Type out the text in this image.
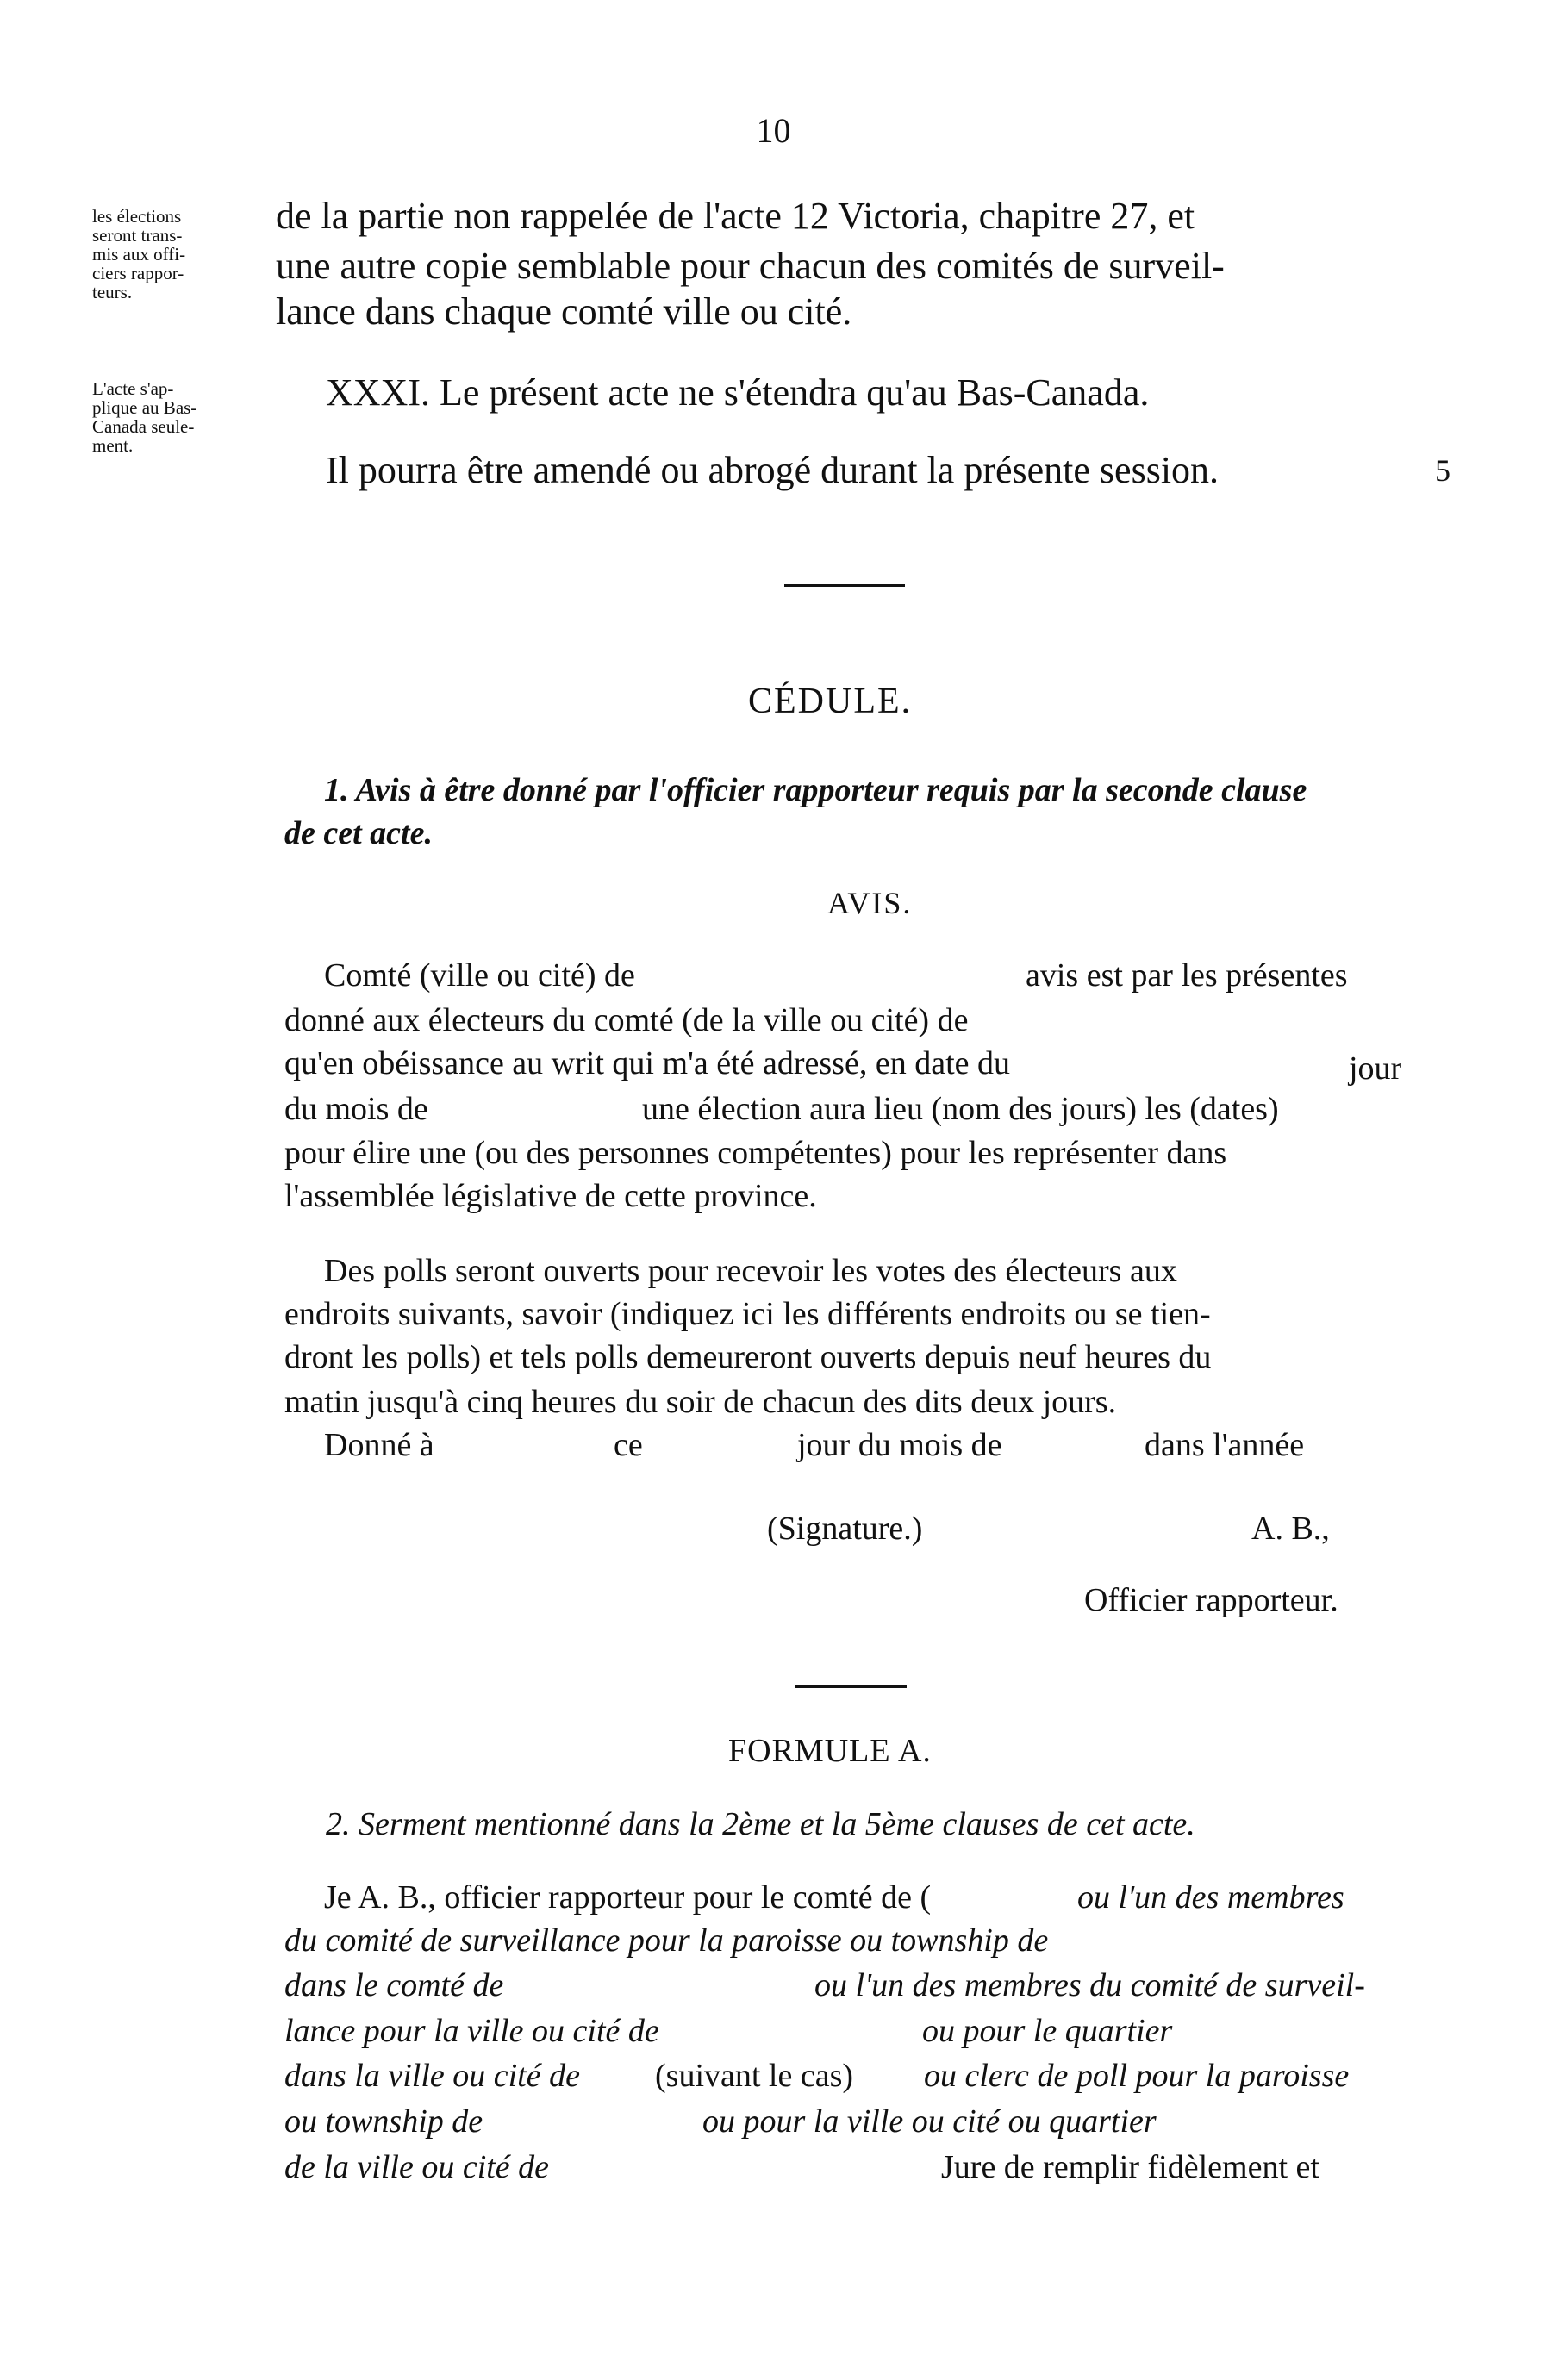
10
les élections
seront trans-
mis aux offi-
ciers rappor-
teurs.
L'acte s'ap-
plique au Bas-
Canada seule-
ment.
de la partie non rappelée de l'acte 12 Victoria, chapitre 27, et
une autre copie semblable pour chacun des comités de surveil-
lance dans chaque comté ville ou cité.
XXXI. Le présent acte ne s'étendra qu'au Bas-Canada.
Il pourra être amendé ou abrogé durant la présente session.	5
CÉDULE.
1. Avis à être donné par l'officier rapporteur requis par la seconde clause
de cet acte.
AVIS.
Comté (ville ou cité) de	avis est par les présentes
donné aux électeurs du comté (de la ville ou cité) de
qu'en obéissance au writ qui m'a été adressé, en date du	jour
du mois de	une élection aura lieu (nom des jours) les (dates)
pour élire une (ou des personnes compétentes) pour les représenter dans
l'assemblée législative de cette province.
Des polls seront ouverts pour recevoir les votes des électeurs aux
endroits suivants, savoir (indiquez ici les différents endroits ou se tien-
dront les polls) et tels polls demeureront ouverts depuis neuf heures du
matin jusqu'à cinq heures du soir de chacun des dits deux jours.
Donné à	ce	jour du mois de	dans l'année
(Signature.)	A. B.,
Officier rapporteur.
FORMULE A.
2. Serment mentionné dans la 2ème et la 5ème clauses de cet acte.
Je A. B., officier rapporteur pour le comté de (	ou l'un des membres
du comité de surveillance pour la paroisse ou township de
dans le comté de	ou l'un des membres du comité de surveil-
lance pour la ville ou cité de	ou pour le quartier
dans la ville ou cité de (suivant le cas) ou clerc de poll pour la paroisse
ou township de	ou pour la ville ou cité ou quartier
de la ville ou cité de	Jure de remplir fidèlement et
